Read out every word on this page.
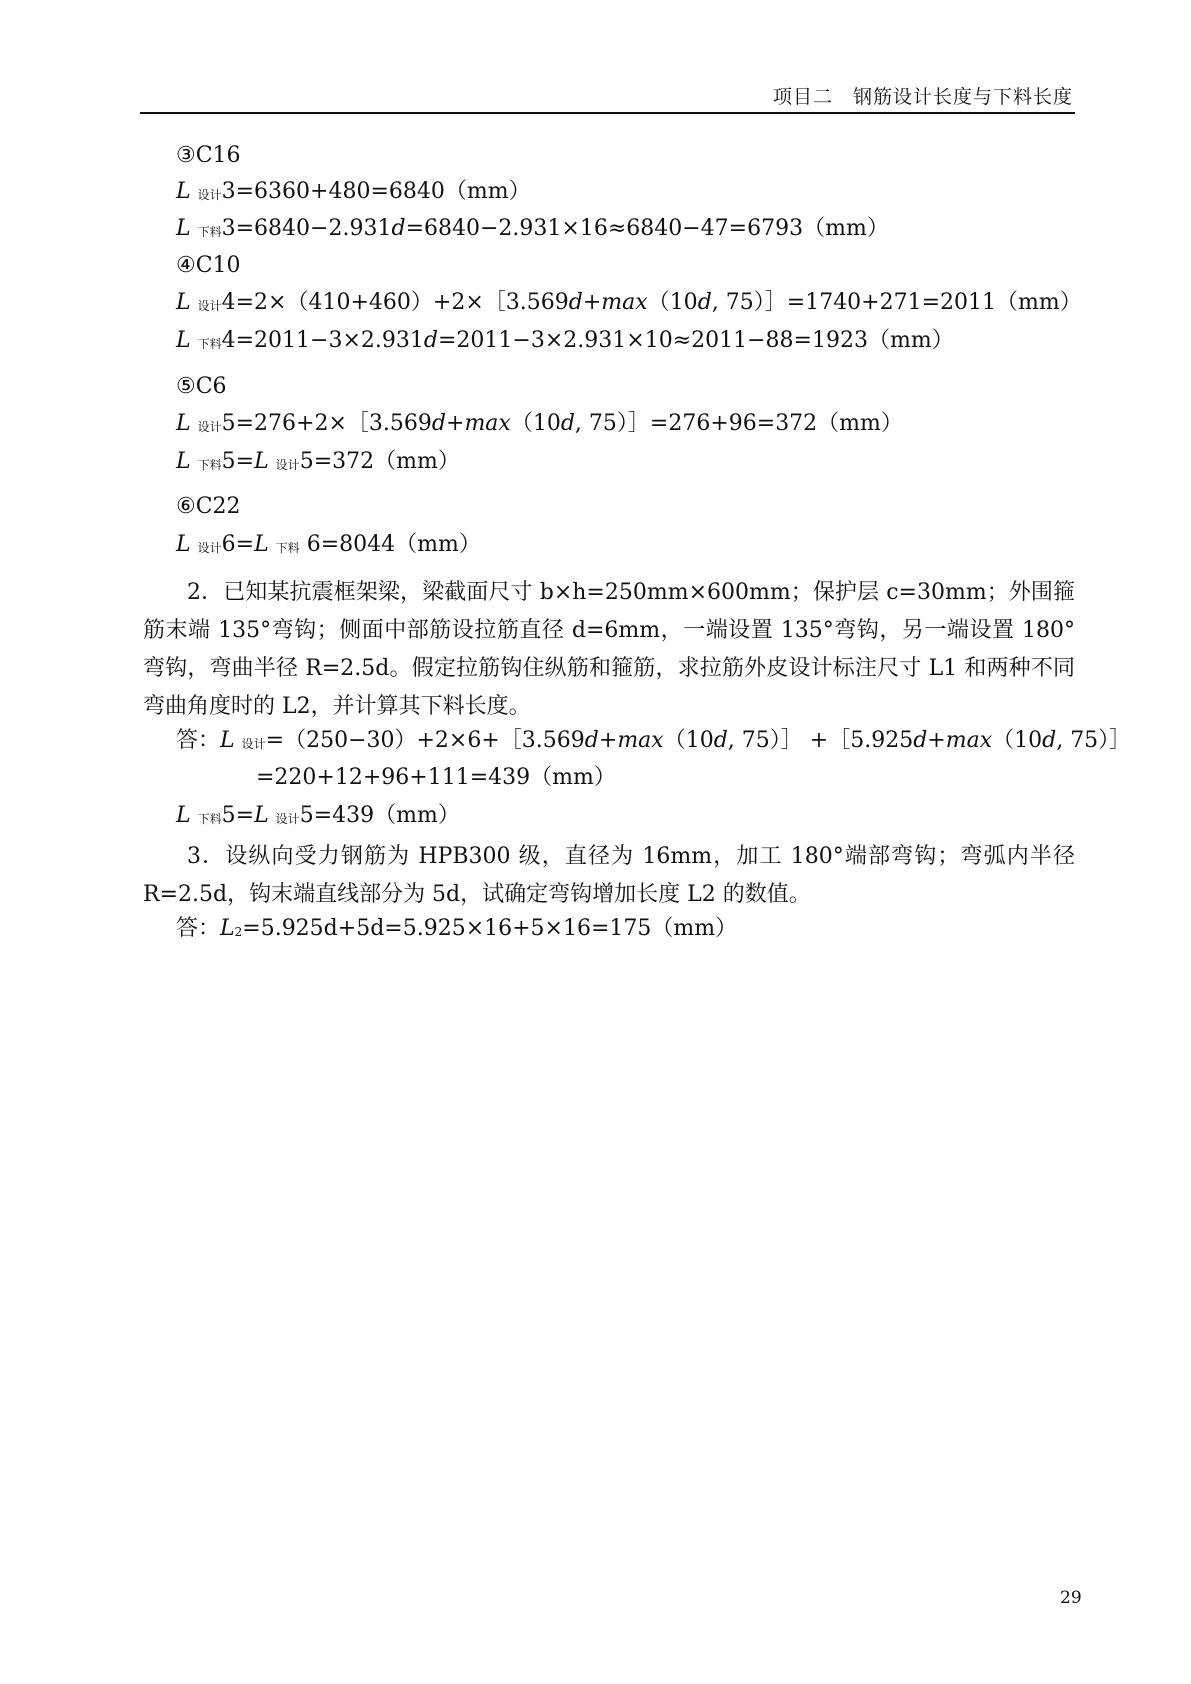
项目二　钢筋设计长度与下料长度
③C16
L 设计3=6360+480=6840（mm）
L 下料3=6840−2.931d=6840−2.931×16≈6840−47=6793（mm）
④C10
L 设计4=2×（410+460）+2×［3.569d+max（10d, 75）］=1740+271=2011（mm）
L 下料4=2011−3×2.931d=2011−3×2.931×10≈2011−88=1923（mm）
⑤C6
L 设计5=276+2×［3.569d+max（10d, 75）］=276+96=372（mm）
L 下料5=L 设计5=372（mm）
⑥C22
L 设计6=L 下料 6=8044（mm）

2．已知某抗震框架梁，梁截面尺寸 b×h=250mm×600mm；保护层 c=30mm；外围箍筋末端 135°弯钩；侧面中部筋设拉筋直径 d=6mm，一端设置 135°弯钩，另一端设置 180°弯钩，弯曲半径 R=2.5d。假定拉筋钩住纵筋和箍筋，求拉筋外皮设计标注尺寸 L1 和两种不同弯曲角度时的 L2，并计算其下料长度。

答：L 设计=（250−30）+2×6+［3.569d+max（10d, 75）］ +［5.925d+max（10d, 75）］
=220+12+96+111=439（mm）
L 下料5=L 设计5=439（mm）

3．设纵向受力钢筋为 HPB300 级，直径为 16mm，加工 180°端部弯钩；弯弧内半径 R=2.5d，钩末端直线部分为 5d，试确定弯钩增加长度 L2 的数值。

答：L2=5.925d+5d=5.925×16+5×16=175（mm）
29
